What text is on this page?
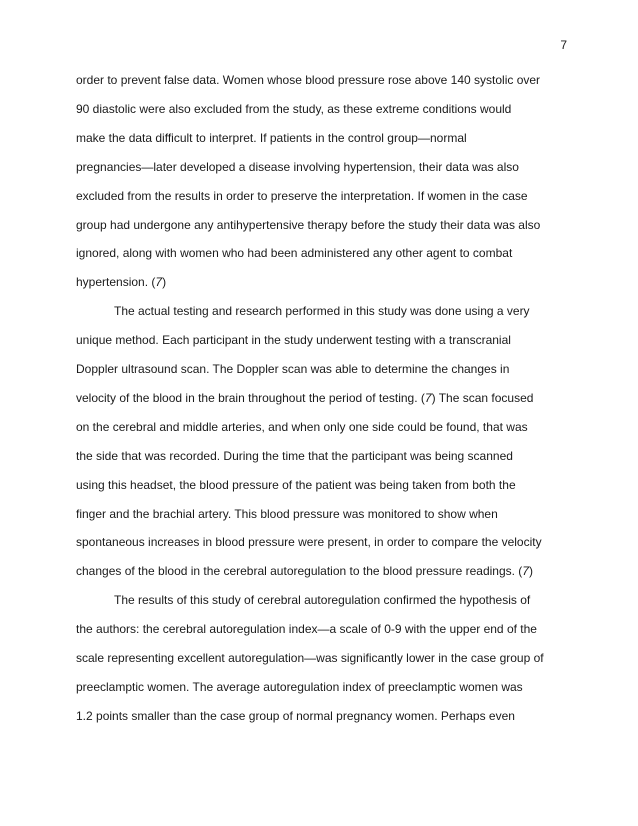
7
order to prevent false data. Women whose blood pressure rose above 140 systolic over
90 diastolic were also excluded from the study, as these extreme conditions would
make the data difficult to interpret. If patients in the control group—normal
pregnancies—later developed a disease involving hypertension, their data was also
excluded from the results in order to preserve the interpretation. If women in the case
group had undergone any antihypertensive therapy before the study their data was also
ignored, along with women who had been administered any other agent to combat
hypertension. (7)
The actual testing and research performed in this study was done using a very
unique method. Each participant in the study underwent testing with a transcranial
Doppler ultrasound scan. The Doppler scan was able to determine the changes in
velocity of the blood in the brain throughout the period of testing. (7) The scan focused
on the cerebral and middle arteries, and when only one side could be found, that was
the side that was recorded. During the time that the participant was being scanned
using this headset, the blood pressure of the patient was being taken from both the
finger and the brachial artery. This blood pressure was monitored to show when
spontaneous increases in blood pressure were present, in order to compare the velocity
changes of the blood in the cerebral autoregulation to the blood pressure readings. (7)
The results of this study of cerebral autoregulation confirmed the hypothesis of
the authors: the cerebral autoregulation index—a scale of 0-9 with the upper end of the
scale representing excellent autoregulation—was significantly lower in the case group of
preeclamptic women. The average autoregulation index of preeclamptic women was
1.2 points smaller than the case group of normal pregnancy women. Perhaps even
